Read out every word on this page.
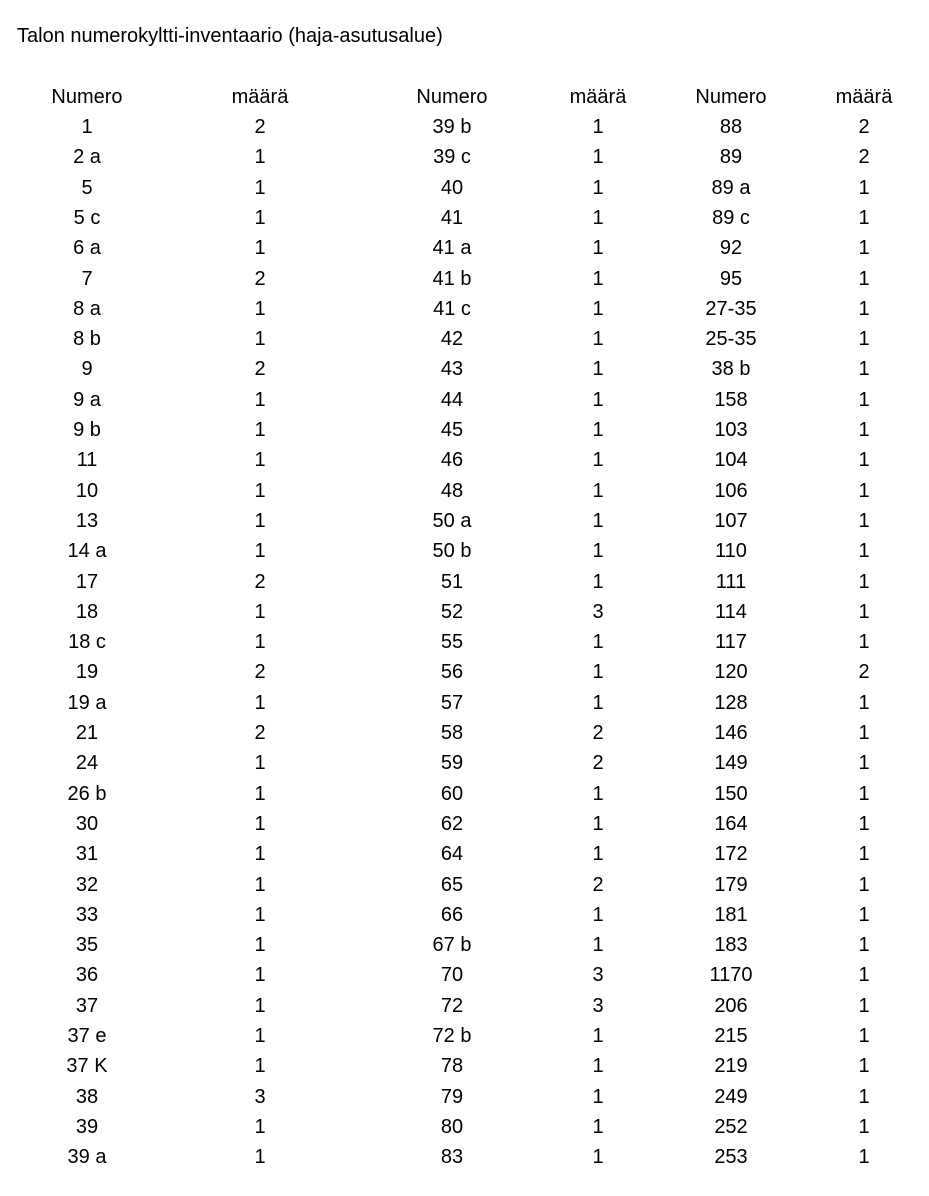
Talon numerokyltti-inventaario (haja-asutusalue)
Numero	määrä
1	2
2 a	1
5	1
5 c	1
6 a	1
7	2
8 a	1
8 b	1
9	2
9 a	1
9 b	1
11	1
10	1
13	1
14 a	1
17	2
18	1
18 c	1
19	2
19 a	1
21	2
24	1
26 b	1
30	1
31	1
32	1
33	1
35	1
36	1
37	1
37 e	1
37 K	1
38	3
39	1
39 a	1
Numero	määrä
39 b	1
39 c	1
40	1
41	1
41 a	1
41 b	1
41 c	1
42	1
43	1
44	1
45	1
46	1
48	1
50 a	1
50 b	1
51	1
52	3
55	1
56	1
57	1
58	2
59	2
60	1
62	1
64	1
65	2
66	1
67 b	1
70	3
72	3
72 b	1
78	1
79	1
80	1
83	1
Numero	määrä
88	2
89	2
89 a	1
89 c	1
92	1
95	1
27-35	1
25-35	1
38 b	1
158	1
103	1
104	1
106	1
107	1
110	1
111	1
114	1
117	1
120	2
128	1
146	1
149	1
150	1
164	1
172	1
179	1
181	1
183	1
1170	1
206	1
215	1
219	1
249	1
252	1
253	1
